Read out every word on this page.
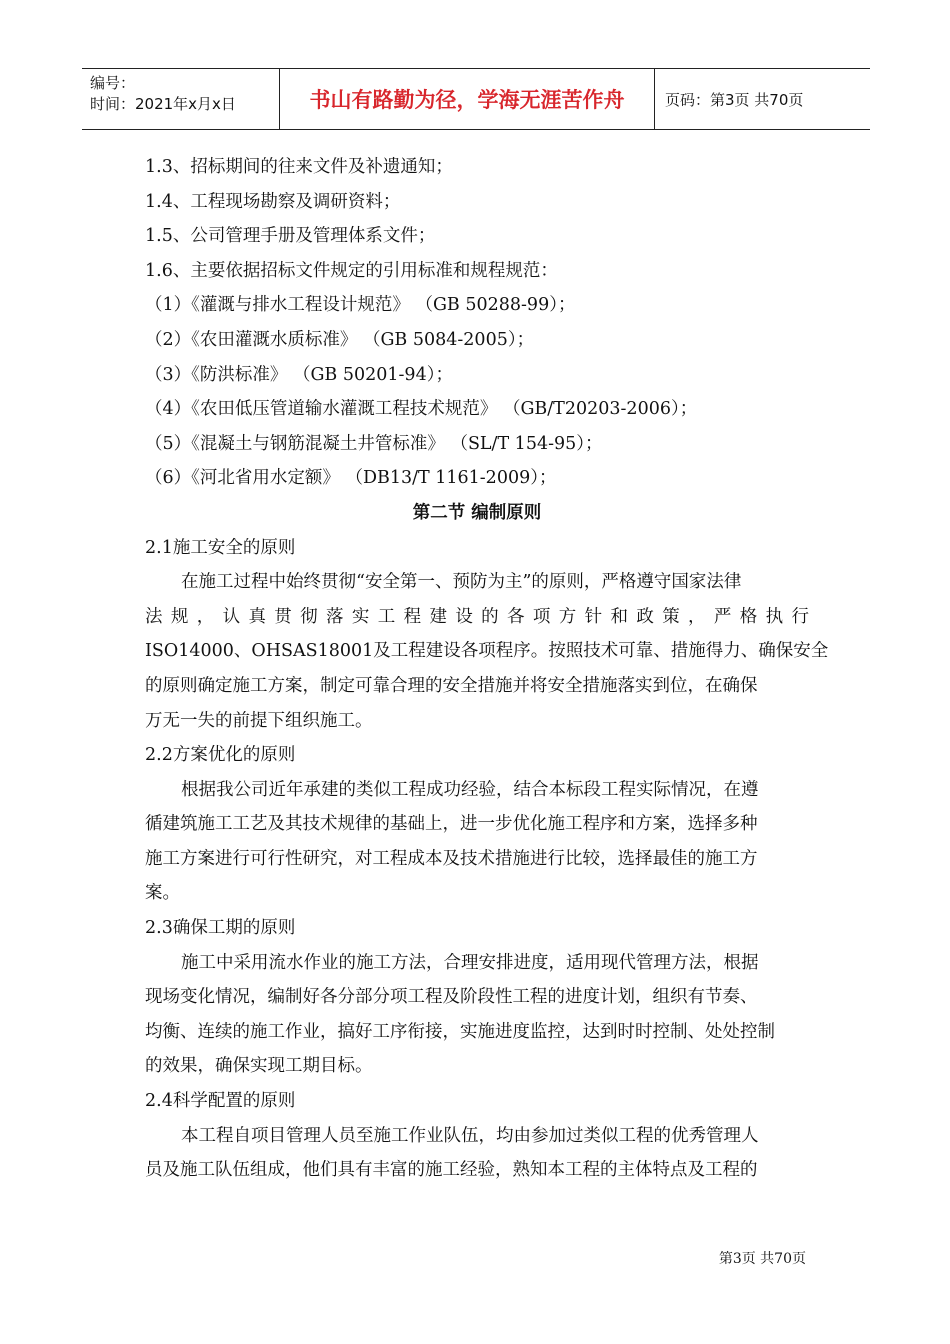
编号：
时间：2021年x月x日	书山有路勤为径，学海无涯苦作舟	页码：第3页 共70页
1.3、招标期间的往来文件及补遗通知；
1.4、工程现场勘察及调研资料；
1.5、公司管理手册及管理体系文件；
1.6、主要依据招标文件规定的引用标准和规程规范：
（1）《灌溉与排水工程设计规范》 （GB 50288-99）；
（2）《农田灌溉水质标准》 （GB 5084-2005）；
（3）《防洪标准》 （GB 50201-94）；
（4）《农田低压管道输水灌溉工程技术规范》 （GB/T20203-2006）；
（5）《混凝土与钢筋混凝土井管标准》 （SL/T 154-95）；
（6）《河北省用水定额》 （DB13/T 1161-2009）；
第二节 编制原则
2.1施工安全的原则
在施工过程中始终贯彻“安全第一、预防为主”的原则，严格遵守国家法律
法规，认真贯彻落实工程建设的各项方针和政策，严格执行
ISO14000、OHSAS18001及工程建设各项程序。按照技术可靠、措施得力、确保安全
的原则确定施工方案，制定可靠合理的安全措施并将安全措施落实到位，在确保
万无一失的前提下组织施工。
2.2方案优化的原则
根据我公司近年承建的类似工程成功经验，结合本标段工程实际情况，在遵
循建筑施工工艺及其技术规律的基础上，进一步优化施工程序和方案，选择多种
施工方案进行可行性研究，对工程成本及技术措施进行比较，选择最佳的施工方
案。
2.3确保工期的原则
施工中采用流水作业的施工方法，合理安排进度，适用现代管理方法，根据
现场变化情况，编制好各分部分项工程及阶段性工程的进度计划，组织有节奏、
均衡、连续的施工作业，搞好工序衔接，实施进度监控，达到时时控制、处处控制
的效果，确保实现工期目标。
2.4科学配置的原则
本工程自项目管理人员至施工作业队伍，均由参加过类似工程的优秀管理人
员及施工队伍组成，他们具有丰富的施工经验，熟知本工程的主体特点及工程的
第3页 共70页
